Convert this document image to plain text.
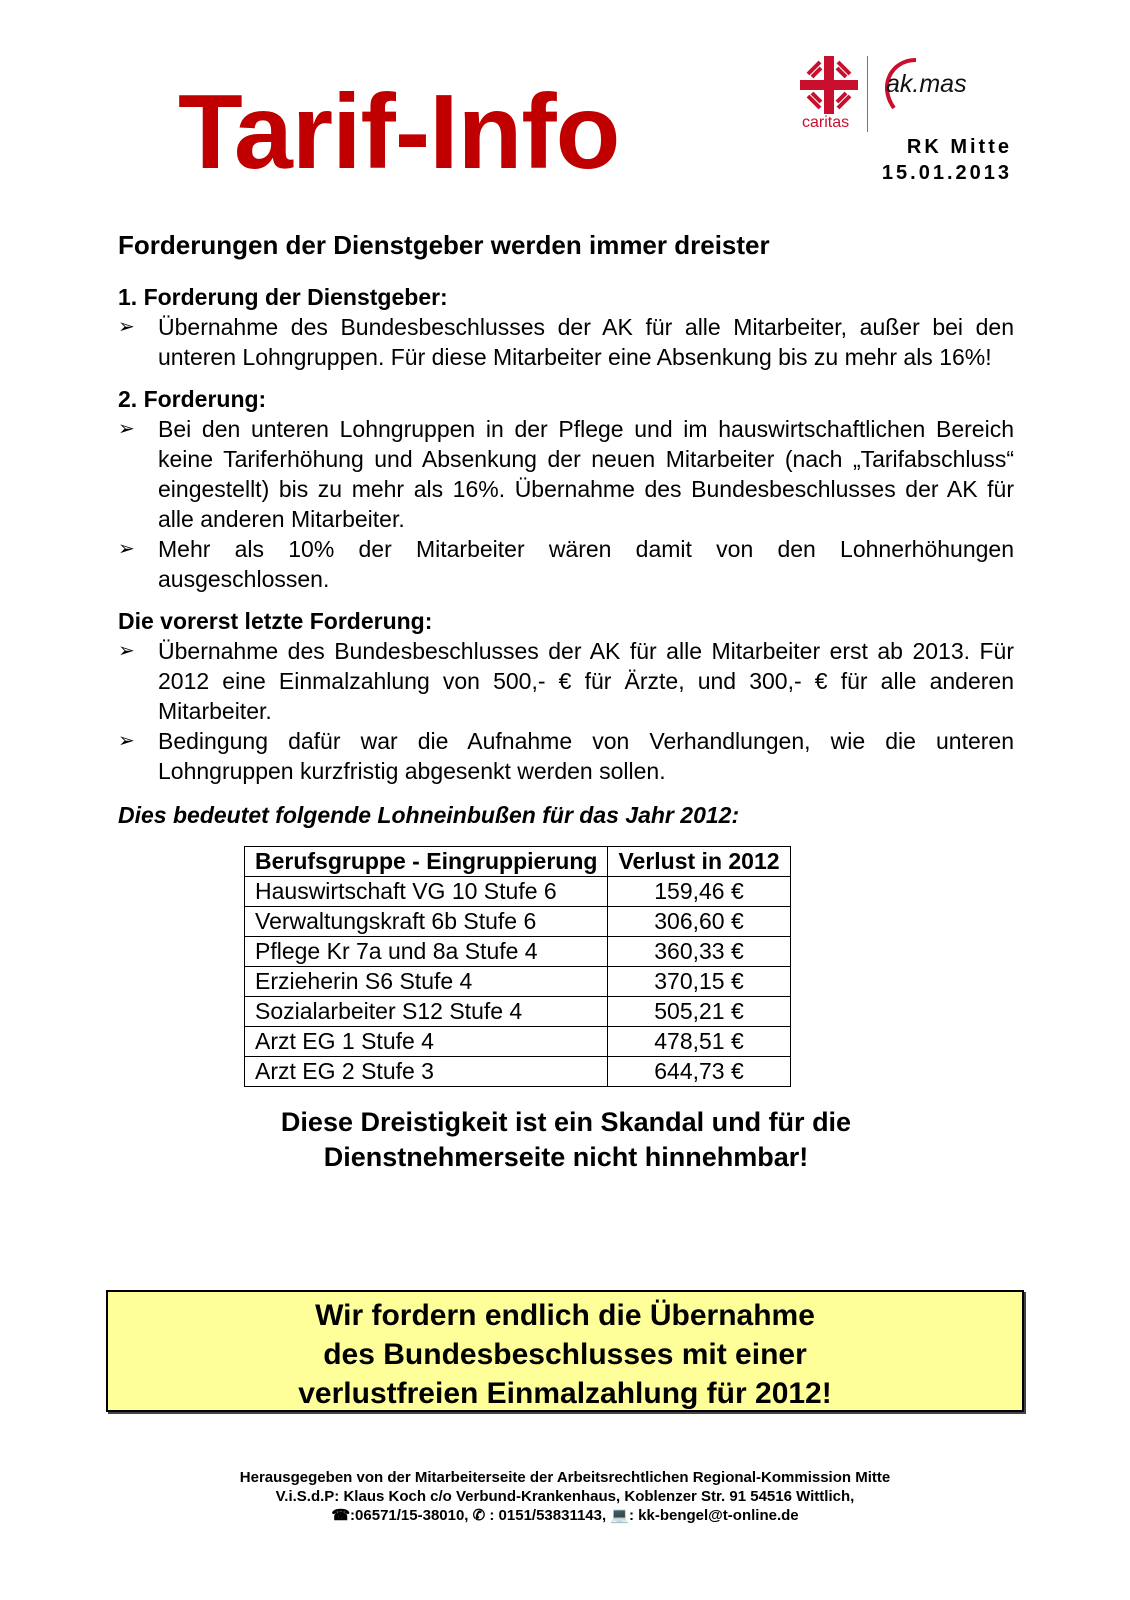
Tarif-Info	caritas
ak.mas
RK Mitte
15.01.2013
Forderungen der Dienstgeber werden immer dreister
1. Forderung der Dienstgeber:
➢	Übernahme des Bundesbeschlusses der AK für alle Mitarbeiter, außer bei den unteren Lohngruppen. Für diese Mitarbeiter eine Absenkung bis zu mehr als 16%!
2. Forderung:
➢	Bei den unteren Lohngruppen in der Pflege und im hauswirtschaftlichen Bereich keine Tariferhöhung und Absenkung der neuen Mitarbeiter (nach „Tarifabschluss“ eingestellt) bis zu mehr als 16%. Übernahme des Bundesbeschlusses der AK für alle anderen Mitarbeiter.
➢	Mehr als 10% der Mitarbeiter wären damit von den Lohnerhöhungen ausgeschlossen.
Die vorerst letzte Forderung:
➢	Übernahme des Bundesbeschlusses der AK für alle Mitarbeiter erst ab 2013. Für 2012 eine Einmalzahlung von 500,- € für Ärzte, und 300,- € für alle anderen Mitarbeiter.
➢	Bedingung dafür war die Aufnahme von Verhandlungen, wie die unteren Lohngruppen kurzfristig abgesenkt werden sollen.
Dies bedeutet folgende Lohneinbußen für das Jahr 2012:
Berufsgruppe - Eingruppierung	Verlust in 2012
Hauswirtschaft VG 10 Stufe 6	159,46 €
Verwaltungskraft 6b Stufe 6	306,60 €
Pflege Kr 7a und 8a Stufe 4	360,33 €
Erzieherin S6 Stufe 4	370,15 €
Sozialarbeiter S12 Stufe 4	505,21 €
Arzt EG 1 Stufe 4	478,51 €
Arzt EG 2 Stufe 3	644,73 €
Diese Dreistigkeit ist ein Skandal und für die
Dienstnehmerseite nicht hinnehmbar!
Wir fordern endlich die Übernahme
des Bundesbeschlusses mit einer
verlustfreien Einmalzahlung für 2012!
Herausgegeben von der Mitarbeiterseite der Arbeitsrechtlichen Regional-Kommission Mitte
V.i.S.d.P: Klaus Koch c/o Verbund-Krankenhaus, Koblenzer Str. 91 54516 Wittlich,
☎:06571/15-38010, ✆ : 0151/53831143, 💻: kk-bengel@t-online.de
